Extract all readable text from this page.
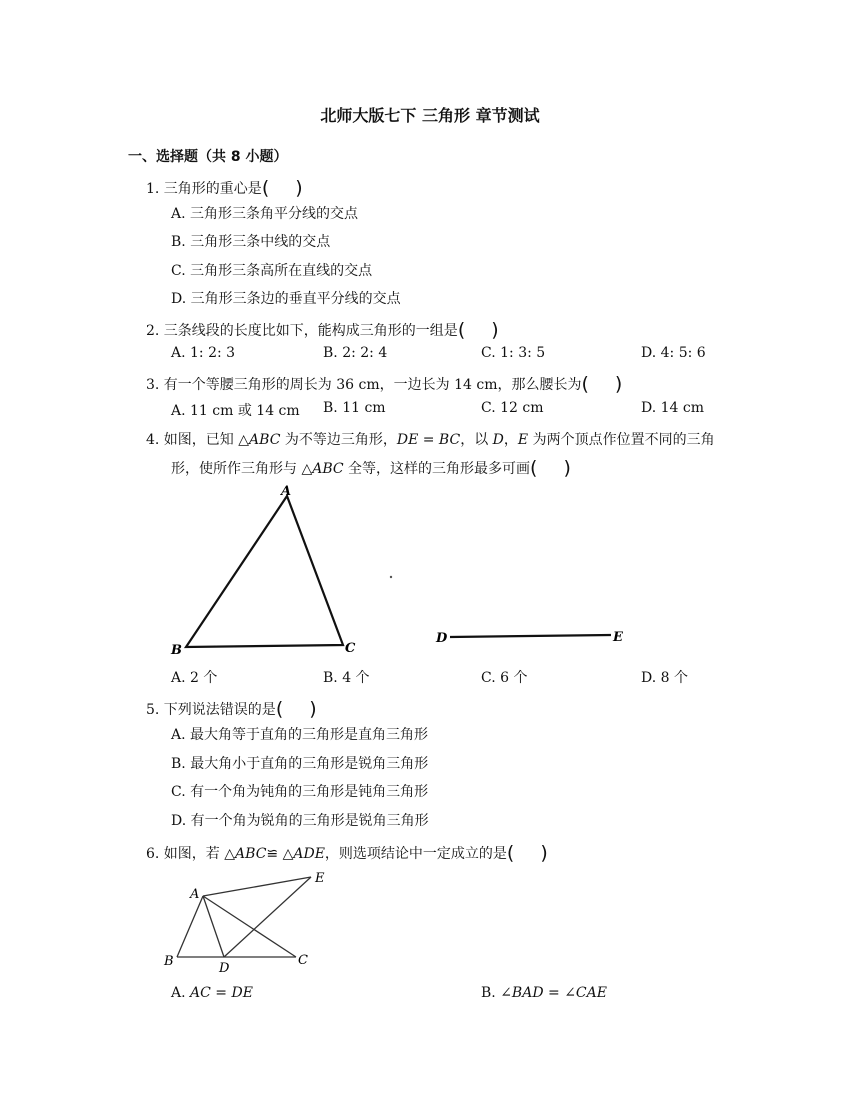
北师大版七下 三角形 章节测试
一、选择题（共 8 小题）
1. 三角形的重心是( )
A. 三角形三条角平分线的交点
B. 三角形三条中线的交点
C. 三角形三条高所在直线的交点
D. 三角形三条边的垂直平分线的交点
2. 三条线段的长度比如下，能构成三角形的一组是( )
A. 1: 2: 3	B. 2: 2: 4	C. 1: 3: 5	D. 4: 5: 6
3. 有一个等腰三角形的周长为 36 cm，一边长为 14 cm，那么腰长为( )
A. 11 cm 或 14 cm B. 11 cm	C. 12 cm	D. 14 cm
4. 如图，已知 △ABC 为不等边三角形，DE = BC，以 D，E 为两个顶点作位置不同的三角
形，使所作三角形与 △ABC 全等，这样的三角形最多可画( )
A
B	C
D	E
A
E
B	D
C
A. 2 个	B. 4 个	C. 6 个	D. 8 个
5. 下列说法错误的是( )
A. 最大角等于直角的三角形是直角三角形
B. 最大角小于直角的三角形是锐角三角形
C. 有一个角为钝角的三角形是钝角三角形
D. 有一个角为锐角的三角形是锐角三角形
6. 如图，若 △ABC≌ △ADE，则选项结论中一定成立的是( )
A. AC = DE	B. ∠BAD = ∠CAE
